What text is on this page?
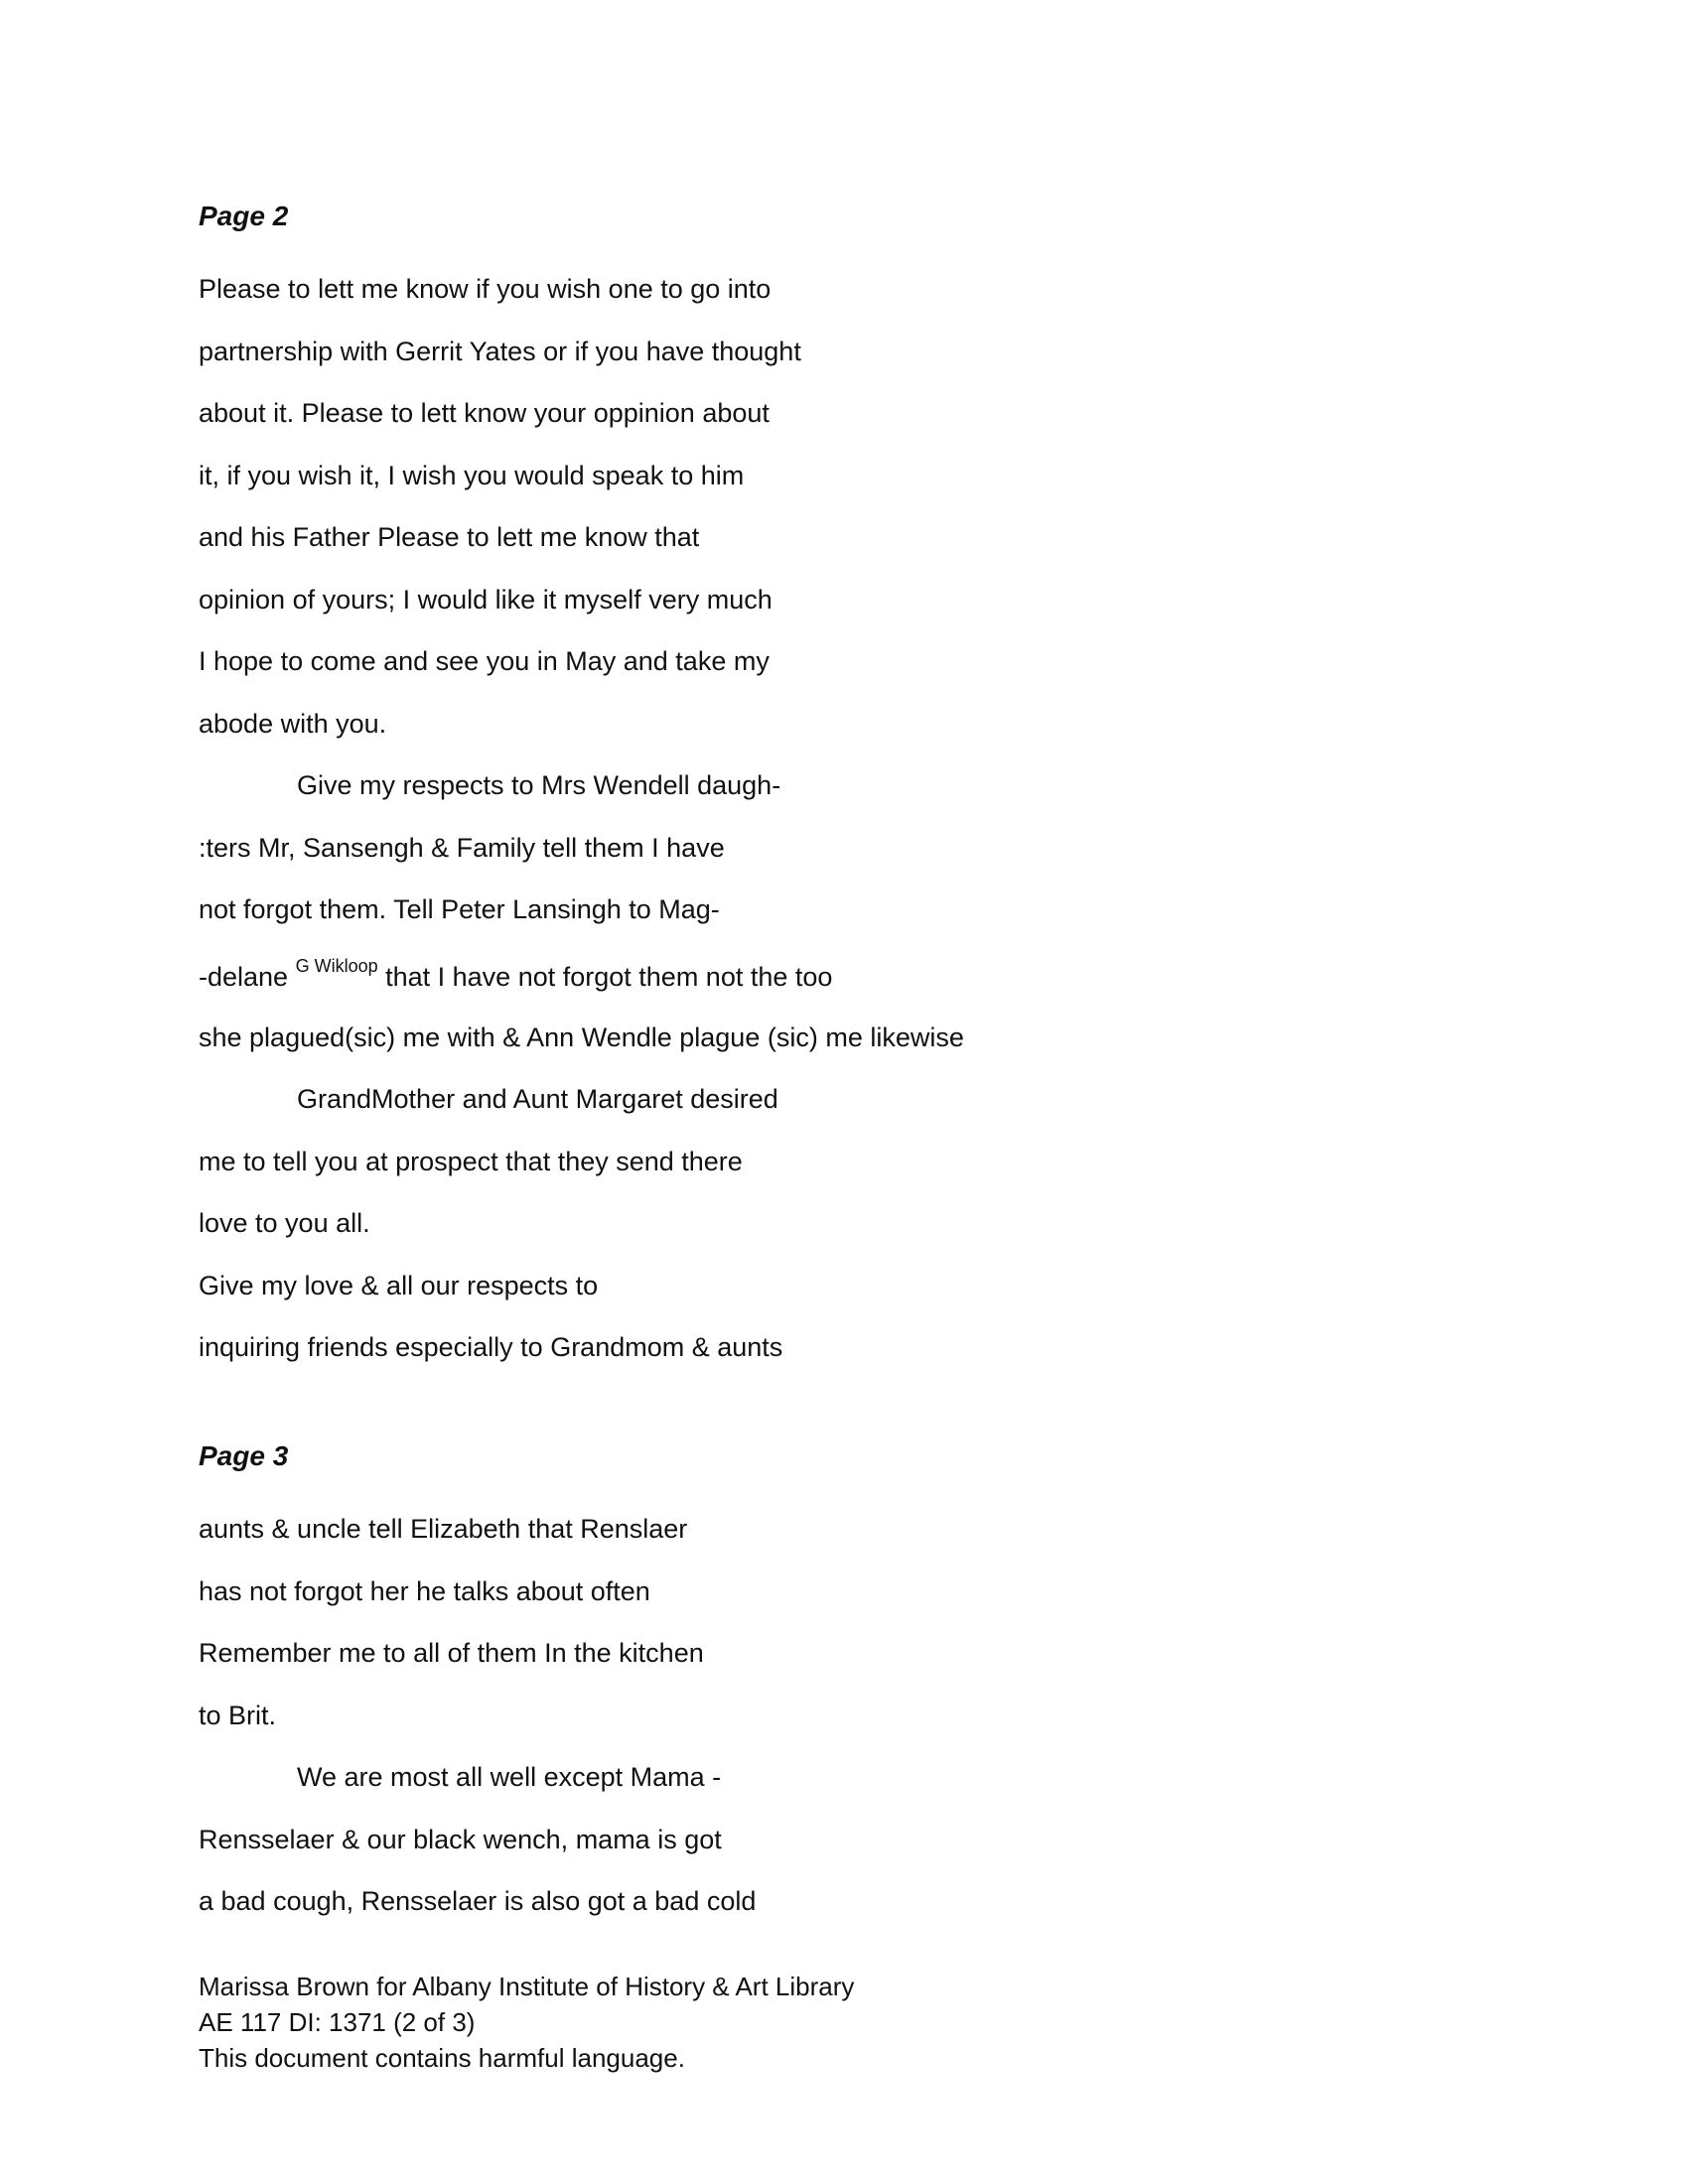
Page 2

Please to lett me know if you wish one to go into

partnership with Gerrit Yates or if you have thought

about it. Please to lett know your oppinion about

it, if you wish it, I wish you would speak to him

and his Father Please to lett me know that

opinion of yours; I would like it myself very much

I hope to come and see you in May and take my

abode with you.

Give my respects to Mrs Wendell daugh-

:ters Mr, Sansengh & Family tell them I have

not forgot them. Tell Peter Lansingh to Mag-

-delane $^{G Wikloop}$ that I have not forgot them not the too

she plagued(sic) me with & Ann Wendle plague (sic) me likewise

GrandMother and Aunt Margaret desired

me to tell you at prospect that they send there

love to you all.

Give my love & all our respects to

inquiring friends especially to Grandmom & aunts

Page 3

aunts & uncle tell Elizabeth that Renslaer

has not forgot her he talks about often

Remember me to all of them In the kitchen

to Brit.

We are most all well except Mama -

Rensselaer & our black wench, mama is got

a bad cough, Rensselaer is also got a bad cold

Marissa Brown for Albany Institute of History & Art Library

AE 117 DI: 1371 (2 of 3)

This document contains harmful language.
